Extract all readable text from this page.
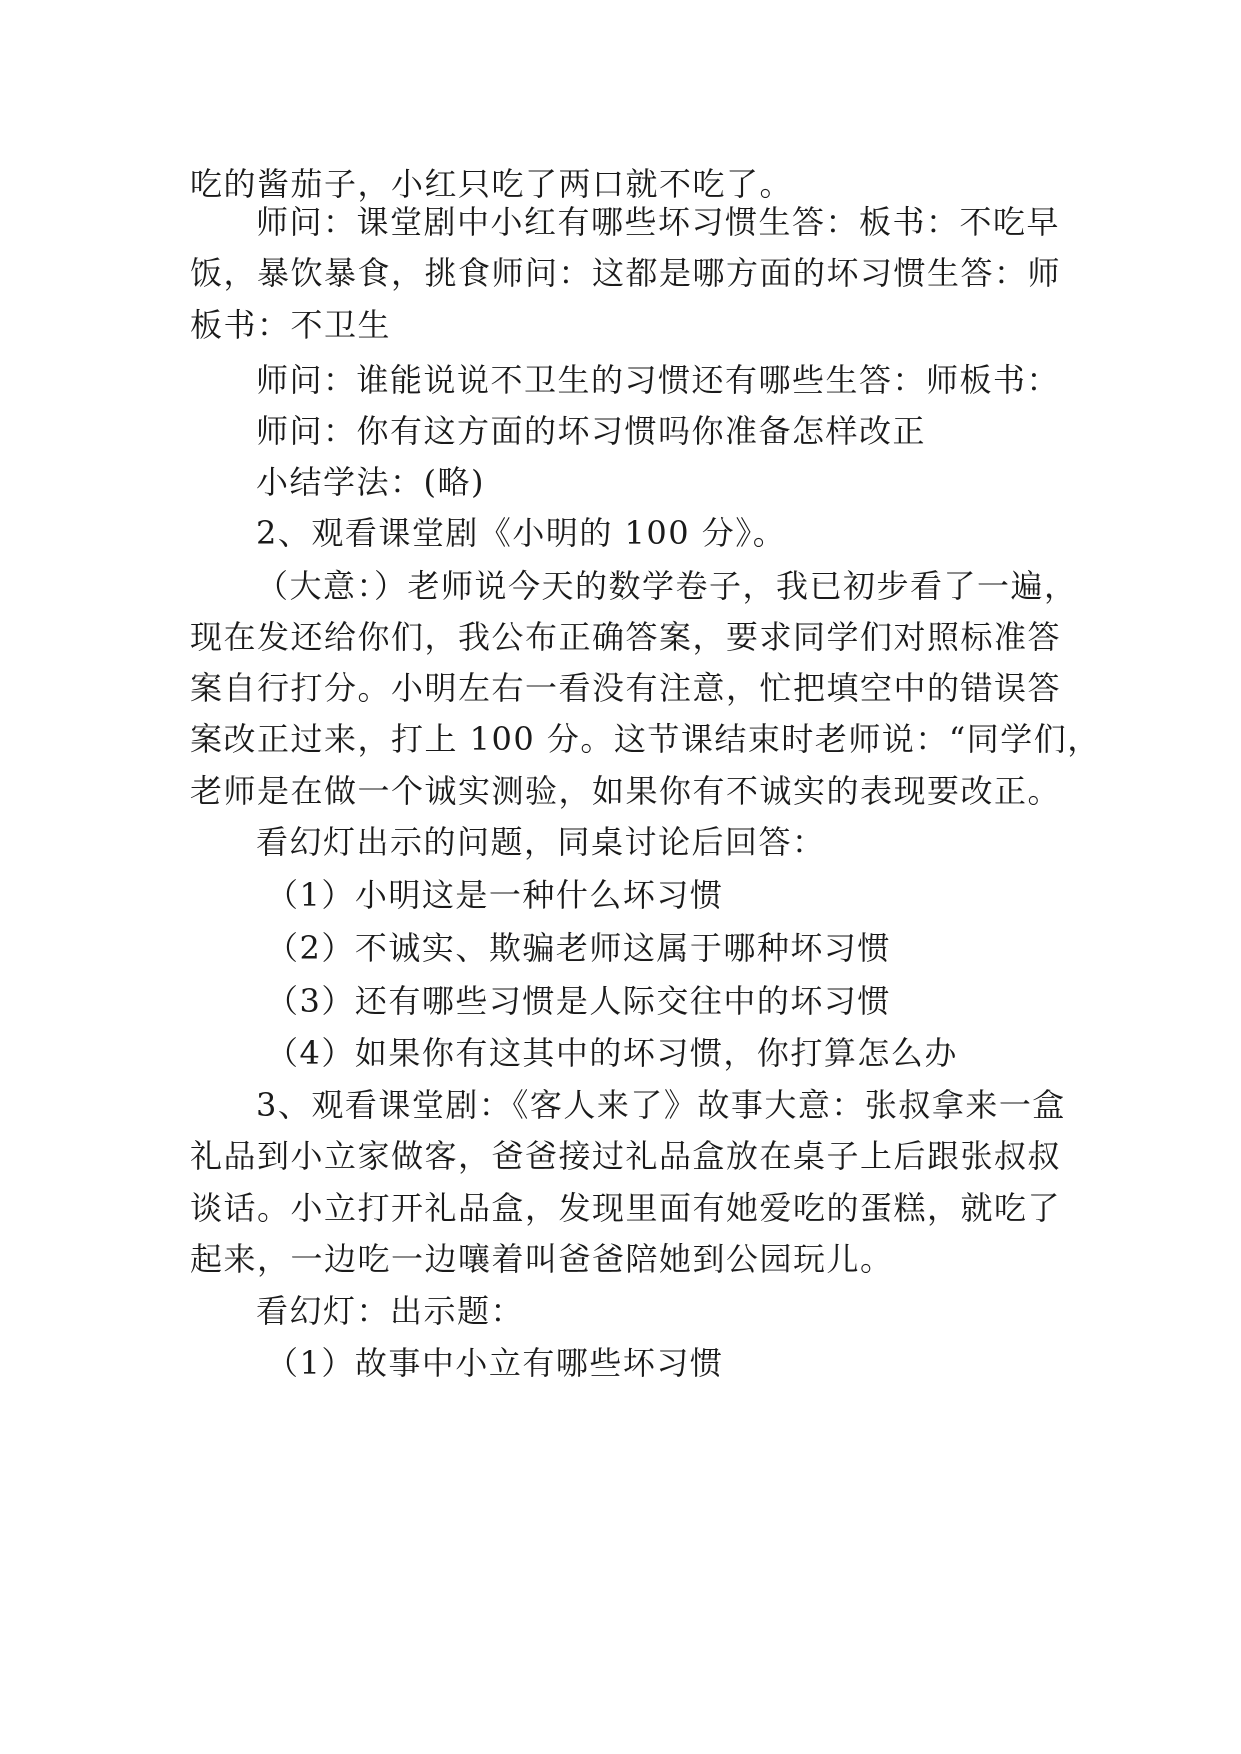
吃的酱茄子，小红只吃了两口就不吃了。
师问：课堂剧中小红有哪些坏习惯生答：板书：不吃早
饭，暴饮暴食，挑食师问：这都是哪方面的坏习惯生答：师
板书：不卫生
师问：谁能说说不卫生的习惯还有哪些生答：师板书：
师问：你有这方面的坏习惯吗你准备怎样改正
小结学法：(略)
2、观看课堂剧《小明的 100 分》。
（大意：）老师说今天的数学卷子，我已初步看了一遍，
现在发还给你们，我公布正确答案，要求同学们对照标准答
案自行打分。小明左右一看没有注意，忙把填空中的错误答
案改正过来，打上 100 分。这节课结束时老师说：“同学们，
老师是在做一个诚实测验，如果你有不诚实的表现要改正。
看幻灯出示的问题，同桌讨论后回答：
（1）小明这是一种什么坏习惯
（2）不诚实、欺骗老师这属于哪种坏习惯
（3）还有哪些习惯是人际交往中的坏习惯
（4）如果你有这其中的坏习惯，你打算怎么办
3、观看课堂剧：《客人来了》故事大意：张叔拿来一盒
礼品到小立家做客，爸爸接过礼品盒放在桌子上后跟张叔叔
谈话。小立打开礼品盒，发现里面有她爱吃的蛋糕，就吃了
起来，一边吃一边嚷着叫爸爸陪她到公园玩儿。
看幻灯：出示题：
（1）故事中小立有哪些坏习惯
